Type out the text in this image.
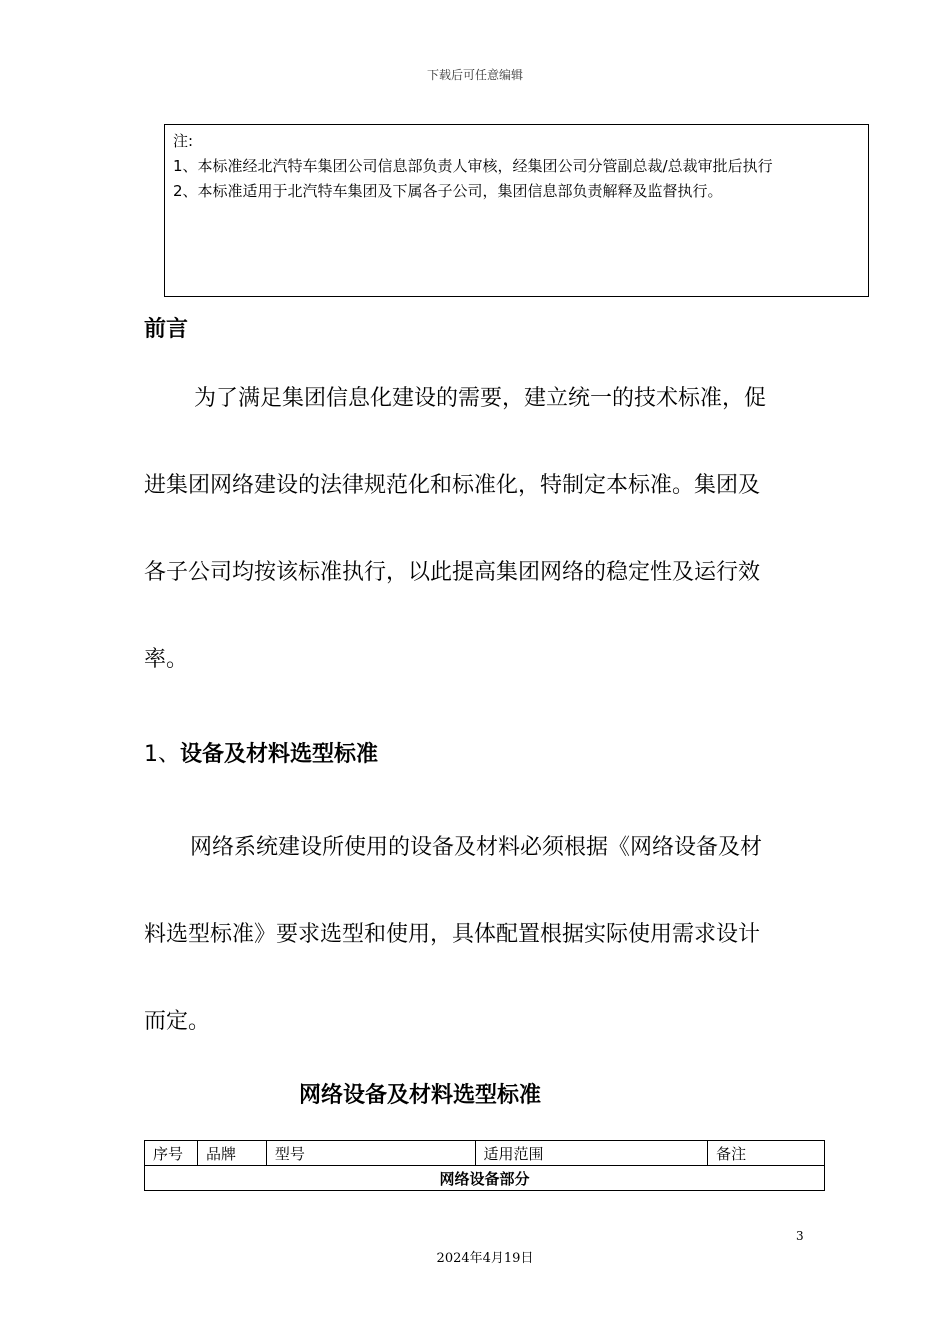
下载后可任意编辑
注:
1、本标准经北汽特车集团公司信息部负责人审核，经集团公司分管副总裁/总裁审批后执行
2、本标准适用于北汽特车集团及下属各子公司，集团信息部负责解释及监督执行。
前言
为了满足集团信息化建设的需要，建立统一的技术标准，促
进集团网络建设的法律规范化和标准化，特制定本标准。集团及
各子公司均按该标准执行，以此提高集团网络的稳定性及运行效
率。
1、设备及材料选型标准
网络系统建设所使用的设备及材料必须根据《网络设备及材
料选型标准》要求选型和使用，具体配置根据实际使用需求设计
而定。
网络设备及材料选型标准
序号	品牌	型号	适用范围	备注
网络设备部分
3
2024年4月19日
